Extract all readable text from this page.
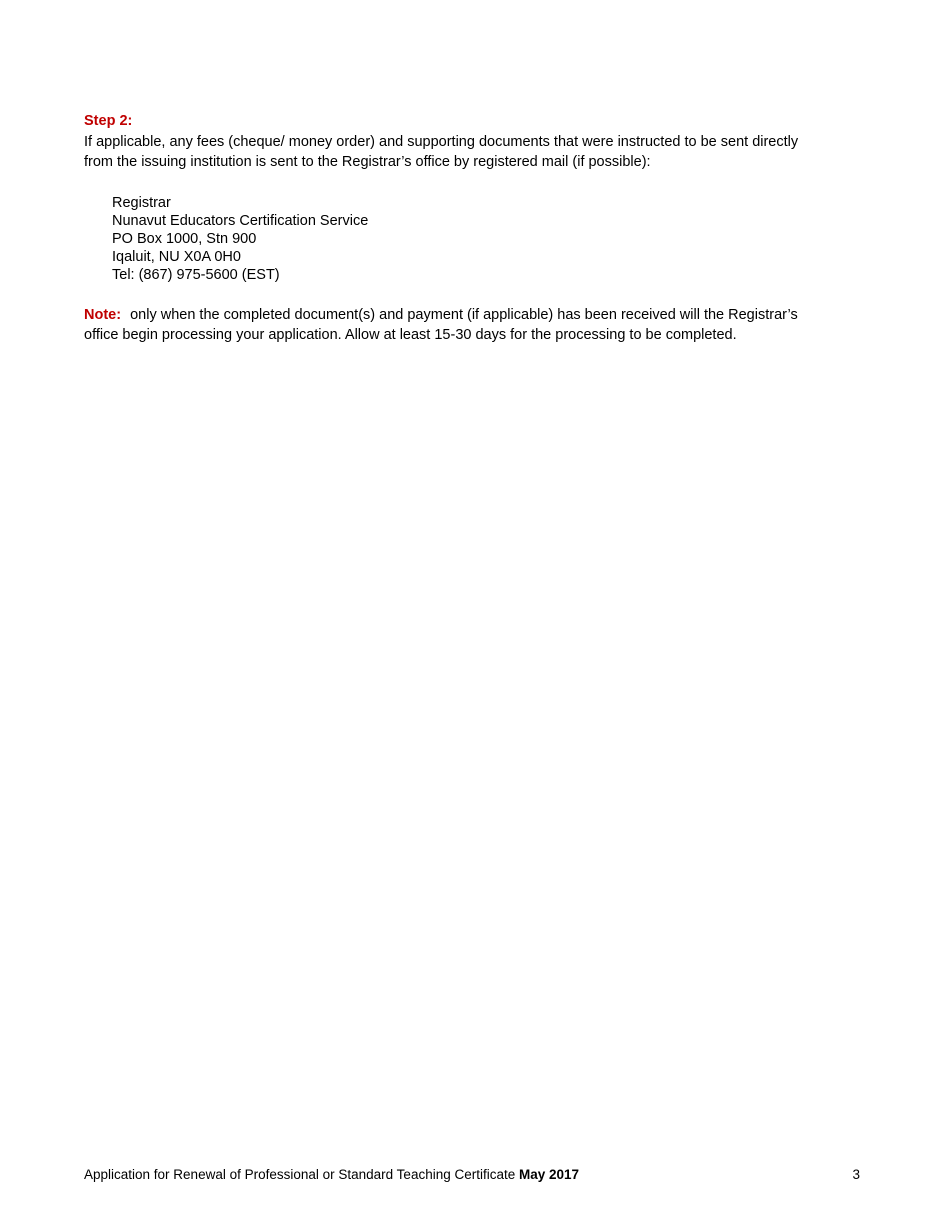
Step 2:

If applicable, any fees (cheque/ money order) and supporting documents that were instructed to be sent directly from the issuing institution is sent to the Registrar’s office by registered mail (if possible):

Registrar
Nunavut Educators Certification Service
PO Box 1000, Stn 900
Iqaluit, NU X0A 0H0
Tel: (867) 975-5600 (EST)

Note: only when the completed document(s) and payment (if applicable) has been received will the Registrar’s office begin processing your application. Allow at least 15-30 days for the processing to be completed.

Application for Renewal of Professional or Standard Teaching Certificate May 2017	3
